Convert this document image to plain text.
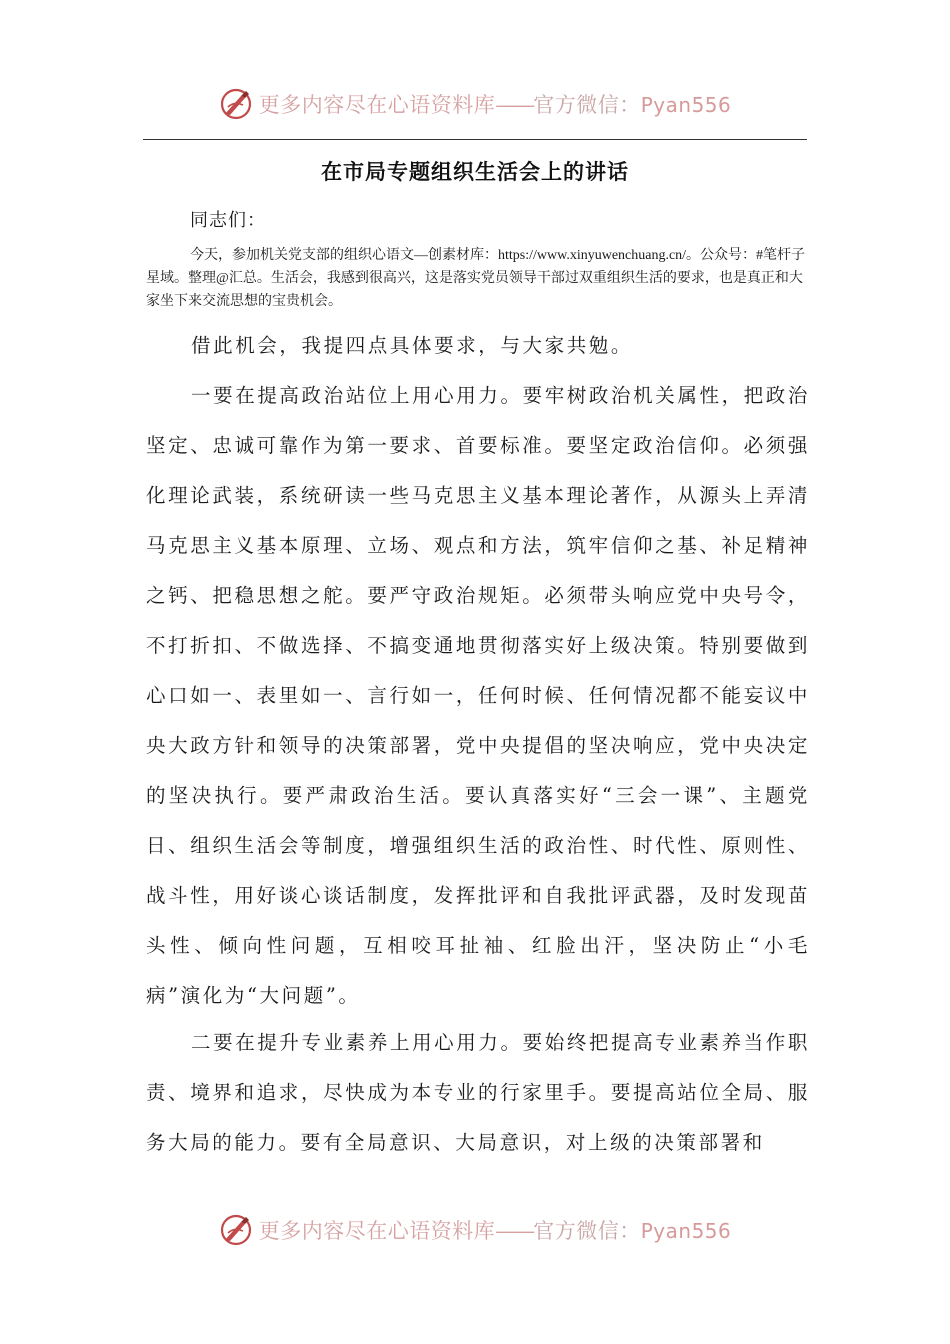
更多内容尽在心语资料库——官方微信：Pyan556
在市局专题组织生活会上的讲话
同志们：
今天，参加机关党支部的组织心语文—创素材库：https://www.xinyuwenchuang.cn/。公众号：#笔杆子星域。整理@汇总。生活会，我感到很高兴，这是落实党员领导干部过双重组织生活的要求，也是真正和大家坐下来交流思想的宝贵机会。
借此机会，我提四点具体要求，与大家共勉。
一要在提高政治站位上用心用力。要牢树政治机关属性，把政治坚定、忠诚可靠作为第一要求、首要标准。要坚定政治信仰。必须强化理论武装，系统研读一些马克思主义基本理论著作，从源头上弄清马克思主义基本原理、立场、观点和方法，筑牢信仰之基、补足精神之钙、把稳思想之舵。要严守政治规矩。必须带头响应党中央号令，不打折扣、不做选择、不搞变通地贯彻落实好上级决策。特别要做到心口如一、表里如一、言行如一，任何时候、任何情况都不能妄议中央大政方针和领导的决策部署，党中央提倡的坚决响应，党中央决定的坚决执行。要严肃政治生活。要认真落实好“三会一课”、主题党日、组织生活会等制度，增强组织生活的政治性、时代性、原则性、战斗性，用好谈心谈话制度，发挥批评和自我批评武器，及时发现苗头性、倾向性问题，互相咬耳扯袖、红脸出汗，坚决防止“小毛病”演化为“大问题”。
二要在提升专业素养上用心用力。要始终把提高专业素养当作职责、境界和追求，尽快成为本专业的行家里手。要提高站位全局、服务大局的能力。要有全局意识、大局意识，对上级的决策部署和
更多内容尽在心语资料库——官方微信：Pyan556
